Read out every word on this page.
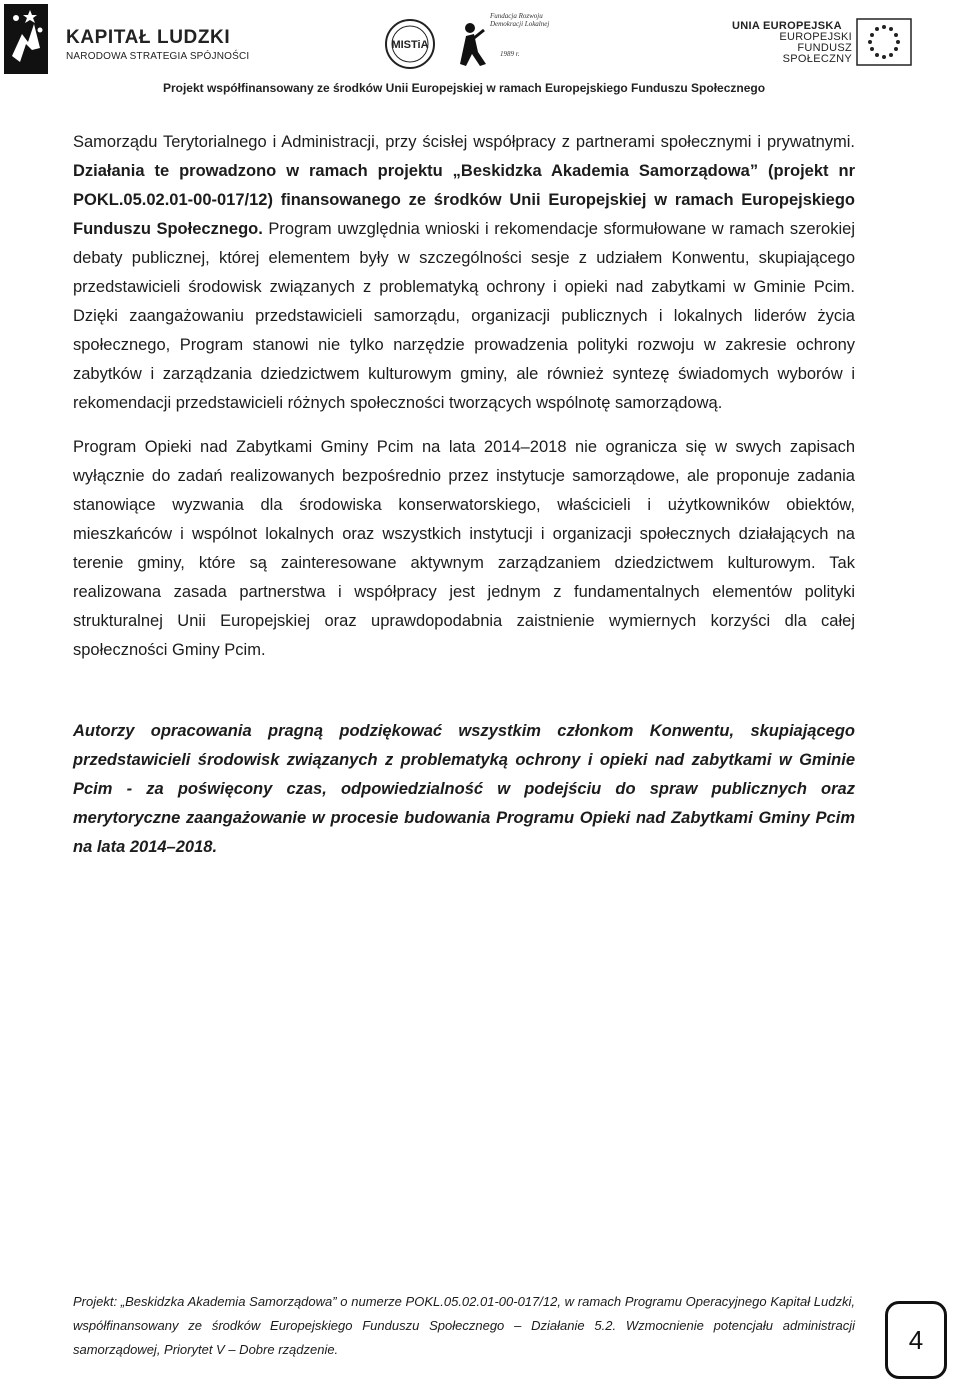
KAPITAŁ LUDZKI
NARODOWA STRATEGIA SPÓJNOŚCI
MISTiA
Fundacja Rozwoju
Demokracji Lokalnej
1989 r.
UNIA EUROPEJSKA
EUROPEJSKI
FUNDUSZ SPOŁECZNY
Projekt współfinansowany ze środków Unii Europejskiej w ramach Europejskiego Funduszu Społecznego

Samorządu Terytorialnego i Administracji, przy ścisłej współpracy z partnerami społecznymi i prywatnymi. Działania te prowadzono w ramach projektu „Beskidzka Akademia Samorządowa” (projekt nr POKL.05.02.01-00-017/12) finansowanego ze środków Unii Europejskiej w ramach Europejskiego Funduszu Społecznego. Program uwzględnia wnioski i rekomendacje sformułowane w ramach szerokiej debaty publicznej, której elementem były w szczególności sesje z udziałem Konwentu, skupiającego przedstawicieli środowisk związanych z problematyką ochrony i opieki nad zabytkami w Gminie Pcim. Dzięki zaangażowaniu przedstawicieli samorządu, organizacji publicznych i lokalnych liderów życia społecznego, Program stanowi nie tylko narzędzie prowadzenia polityki rozwoju w zakresie ochrony zabytków i zarządzania dziedzictwem kulturowym gminy, ale również syntezę świadomych wyborów i rekomendacji przedstawicieli różnych społeczności tworzących wspólnotę samorządową.

Program Opieki nad Zabytkami Gminy Pcim na lata 2014–2018 nie ogranicza się w swych zapisach wyłącznie do zadań realizowanych bezpośrednio przez instytucje samorządowe, ale proponuje zadania stanowiące wyzwania dla środowiska konserwatorskiego, właścicieli i użytkowników obiektów, mieszkańców i wspólnot lokalnych oraz wszystkich instytucji i organizacji społecznych działających na terenie gminy, które są zainteresowane aktywnym zarządzaniem dziedzictwem kulturowym. Tak realizowana zasada partnerstwa i współpracy jest jednym z fundamentalnych elementów polityki strukturalnej Unii Europejskiej oraz uprawdopodabnia zaistnienie wymiernych korzyści dla całej społeczności Gminy Pcim.

Autorzy opracowania pragną podziękować wszystkim członkom Konwentu, skupiającego przedstawicieli środowisk związanych z problematyką ochrony i opieki nad zabytkami w Gminie Pcim - za poświęcony czas, odpowiedzialność w podejściu do spraw publicznych oraz merytoryczne zaangażowanie w procesie budowania Programu Opieki nad Zabytkami Gminy Pcim na lata 2014–2018.

Projekt: „Beskidzka Akademia Samorządowa” o numerze POKL.05.02.01-00-017/12, w ramach Programu Operacyjnego Kapitał Ludzki, współfinansowany ze środków Europejskiego Funduszu Społecznego – Działanie 5.2. Wzmocnienie potencjału administracji samorządowej, Priorytet V – Dobre rządzenie.	4
